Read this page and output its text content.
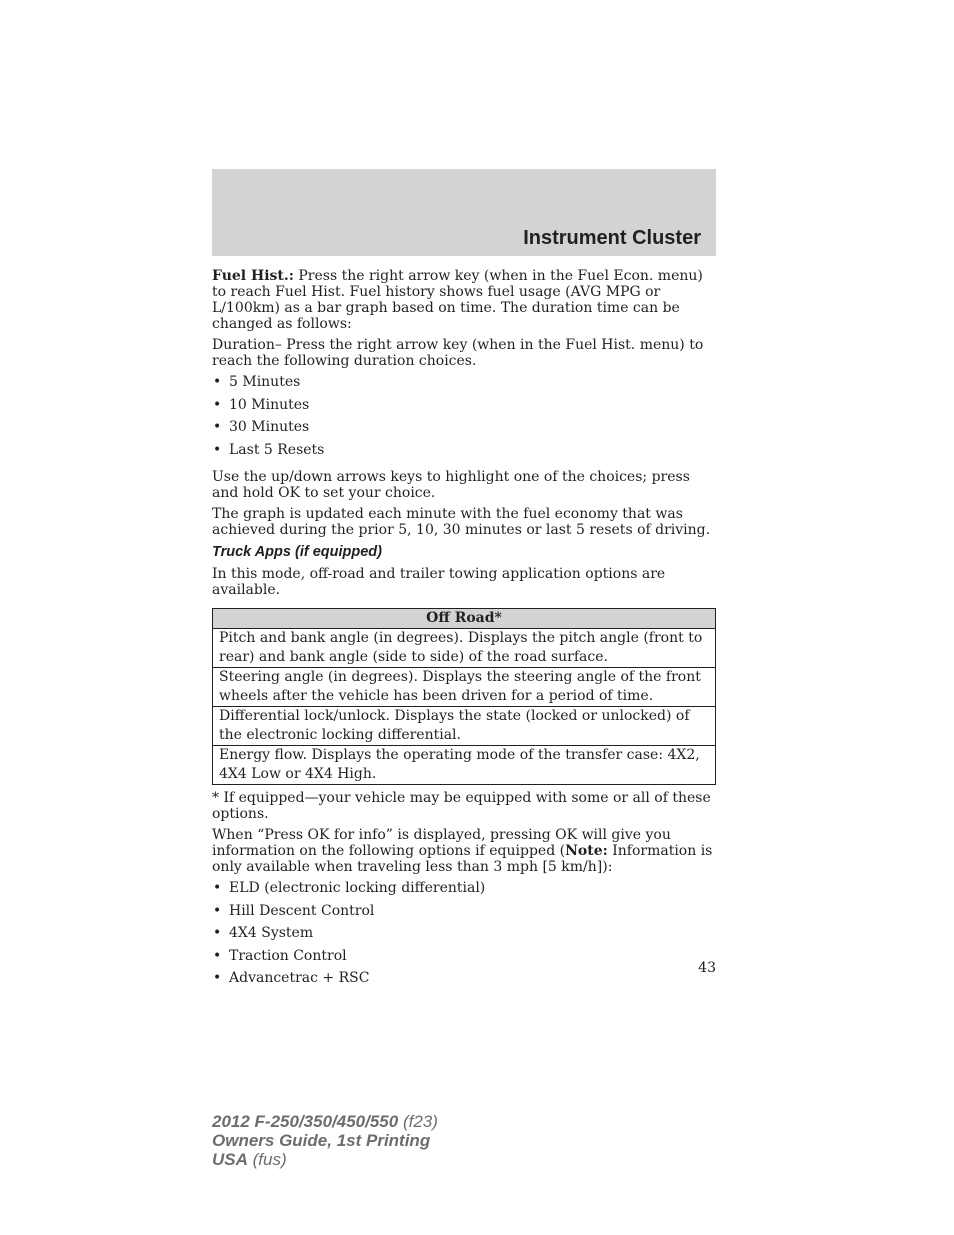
Instrument Cluster

Fuel Hist.: Press the right arrow key (when in the Fuel Econ. menu) to reach Fuel Hist. Fuel history shows fuel usage (AVG MPG or L/100km) as a bar graph based on time. The duration time can be changed as follows:

Duration– Press the right arrow key (when in the Fuel Hist. menu) to reach the following duration choices.

• 5 Minutes
• 10 Minutes
• 30 Minutes
• Last 5 Resets

Use the up/down arrows keys to highlight one of the choices; press and hold OK to set your choice.

The graph is updated each minute with the fuel economy that was achieved during the prior 5, 10, 30 minutes or last 5 resets of driving.

Truck Apps (if equipped)

In this mode, off-road and trailer towing application options are available.

Off Road*
Pitch and bank angle (in degrees). Displays the pitch angle (front to rear) and bank angle (side to side) of the road surface.
Steering angle (in degrees). Displays the steering angle of the front wheels after the vehicle has been driven for a period of time.
Differential lock/unlock. Displays the state (locked or unlocked) of the electronic locking differential.
Energy flow. Displays the operating mode of the transfer case: 4X2, 4X4 Low or 4X4 High.

* If equipped—your vehicle may be equipped with some or all of these options.

When “Press OK for info” is displayed, pressing OK will give you information on the following options if equipped (Note: Information is only available when traveling less than 3 mph [5 km/h]):

• ELD (electronic locking differential)
• Hill Descent Control
• 4X4 System
• Traction Control
• Advancetrac + RSC
43
2012 F-250/350/450/550 (f23)
Owners Guide, 1st Printing
USA (fus)
